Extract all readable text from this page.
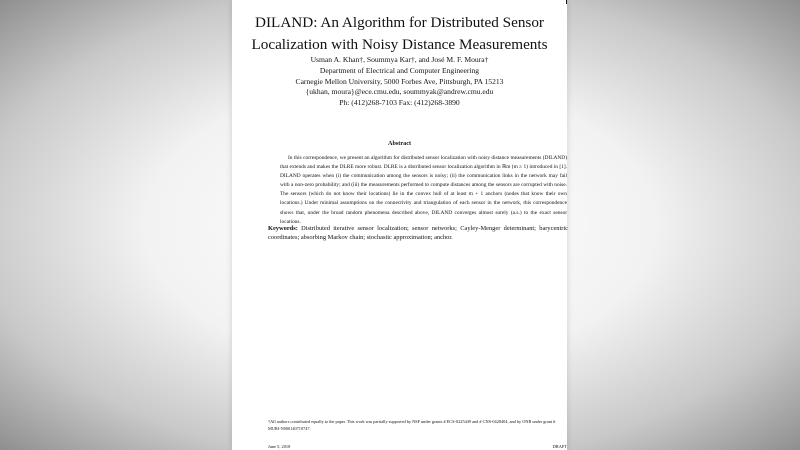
DILAND: An Algorithm for Distributed Sensor
Localization with Noisy Distance Measurements
Usman A. Khan†, Soummya Kar†, and José M. F. Moura†
Department of Electrical and Computer Engineering
Carnegie Mellon University, 5000 Forbes Ave, Pittsburgh, PA 15213
{ukhan, moura}@ece.cmu.edu, soummyak@andrew.cmu.edu
Ph: (412)268-7103 Fax: (412)268-3890
Abstract

In this correspondence, we present an algorithm for distributed sensor localization with noisy distance measurements (DILAND) that extends and makes the DLRE more robust. DLRE is a distributed sensor localization algorithm in ℝm (m ≥ 1) introduced in [1]. DILAND operates when (i) the communication among the sensors is noisy; (ii) the communication links in the network may fail with a non-zero probability; and (iii) the measurements performed to compute distances among the sensors are corrupted with noise. The sensors (which do not know their locations) lie in the convex hull of at least m + 1 anchors (nodes that know their own locations.) Under minimal assumptions on the connectivity and triangulation of each sensor in the network, this correspondence shows that, under the broad random phenomena described above, DILAND converges almost surely (a.s.) to the exact sensor locations.

Keywords: Distributed iterative sensor localization; sensor networks; Cayley-Menger determinant; barycentric coordinates; absorbing Markov chain; stochastic approximation; anchor.

†All authors contributed equally to the paper. This work was partially supported by NSF under grants # ECS-0225449 and # CNS-0428404, and by ONR under grant # MURI-N000140710747.

June 5, 2018	DRAFT
